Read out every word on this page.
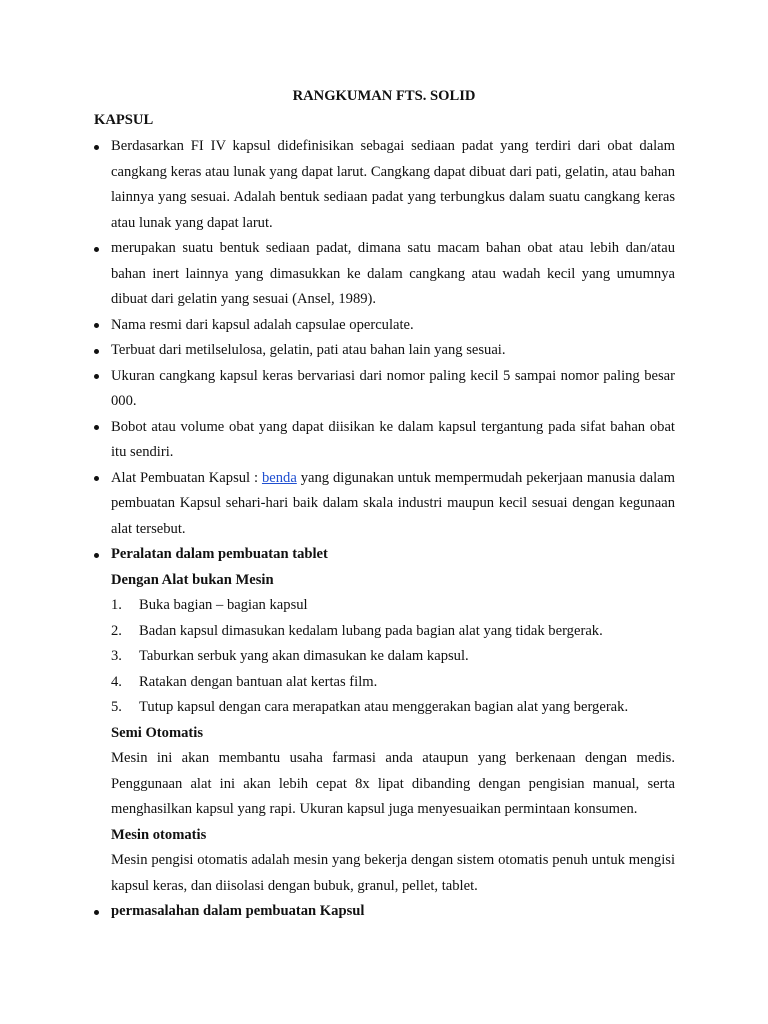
RANGKUMAN FTS. SOLID
KAPSUL
Berdasarkan FI IV kapsul didefinisikan sebagai sediaan padat yang terdiri dari obat dalam cangkang keras atau lunak yang dapat larut. Cangkang dapat dibuat dari pati, gelatin, atau bahan lainnya yang sesuai. Adalah bentuk sediaan padat yang terbungkus dalam suatu cangkang keras atau lunak yang dapat larut.
merupakan suatu bentuk sediaan padat, dimana satu macam bahan obat atau lebih dan/atau bahan inert lainnya yang dimasukkan ke dalam cangkang atau wadah kecil yang umumnya dibuat dari gelatin yang sesuai (Ansel, 1989).
Nama resmi dari kapsul adalah capsulae operculate.
Terbuat dari metilselulosa, gelatin, pati atau bahan lain yang sesuai.
Ukuran cangkang kapsul keras bervariasi dari nomor paling kecil 5 sampai nomor paling besar 000.
Bobot atau volume obat yang dapat diisikan ke dalam kapsul tergantung pada sifat bahan obat itu sendiri.
Alat Pembuatan Kapsul : benda yang digunakan untuk mempermudah pekerjaan manusia dalam pembuatan Kapsul sehari-hari baik dalam skala industri maupun kecil sesuai dengan kegunaan alat tersebut.
Peralatan dalam pembuatan tablet
Dengan Alat bukan Mesin
1.	Buka bagian – bagian kapsul
2.	Badan kapsul dimasukan kedalam lubang pada bagian alat yang tidak bergerak.
3.	Taburkan serbuk yang akan dimasukan ke dalam kapsul.
4.	Ratakan dengan bantuan alat kertas film.
5.	Tutup kapsul dengan cara merapatkan atau menggerakan bagian alat yang bergerak.
Semi Otomatis
Mesin ini akan membantu usaha farmasi anda ataupun yang berkenaan dengan medis. Penggunaan alat ini akan lebih cepat 8x lipat dibanding dengan pengisian manual, serta menghasilkan kapsul yang rapi. Ukuran kapsul juga menyesuaikan permintaan konsumen.
Mesin otomatis
Mesin pengisi otomatis adalah mesin yang bekerja dengan sistem otomatis penuh untuk mengisi kapsul keras, dan diisolasi dengan bubuk, granul, pellet, tablet.
permasalahan dalam pembuatan Kapsul
